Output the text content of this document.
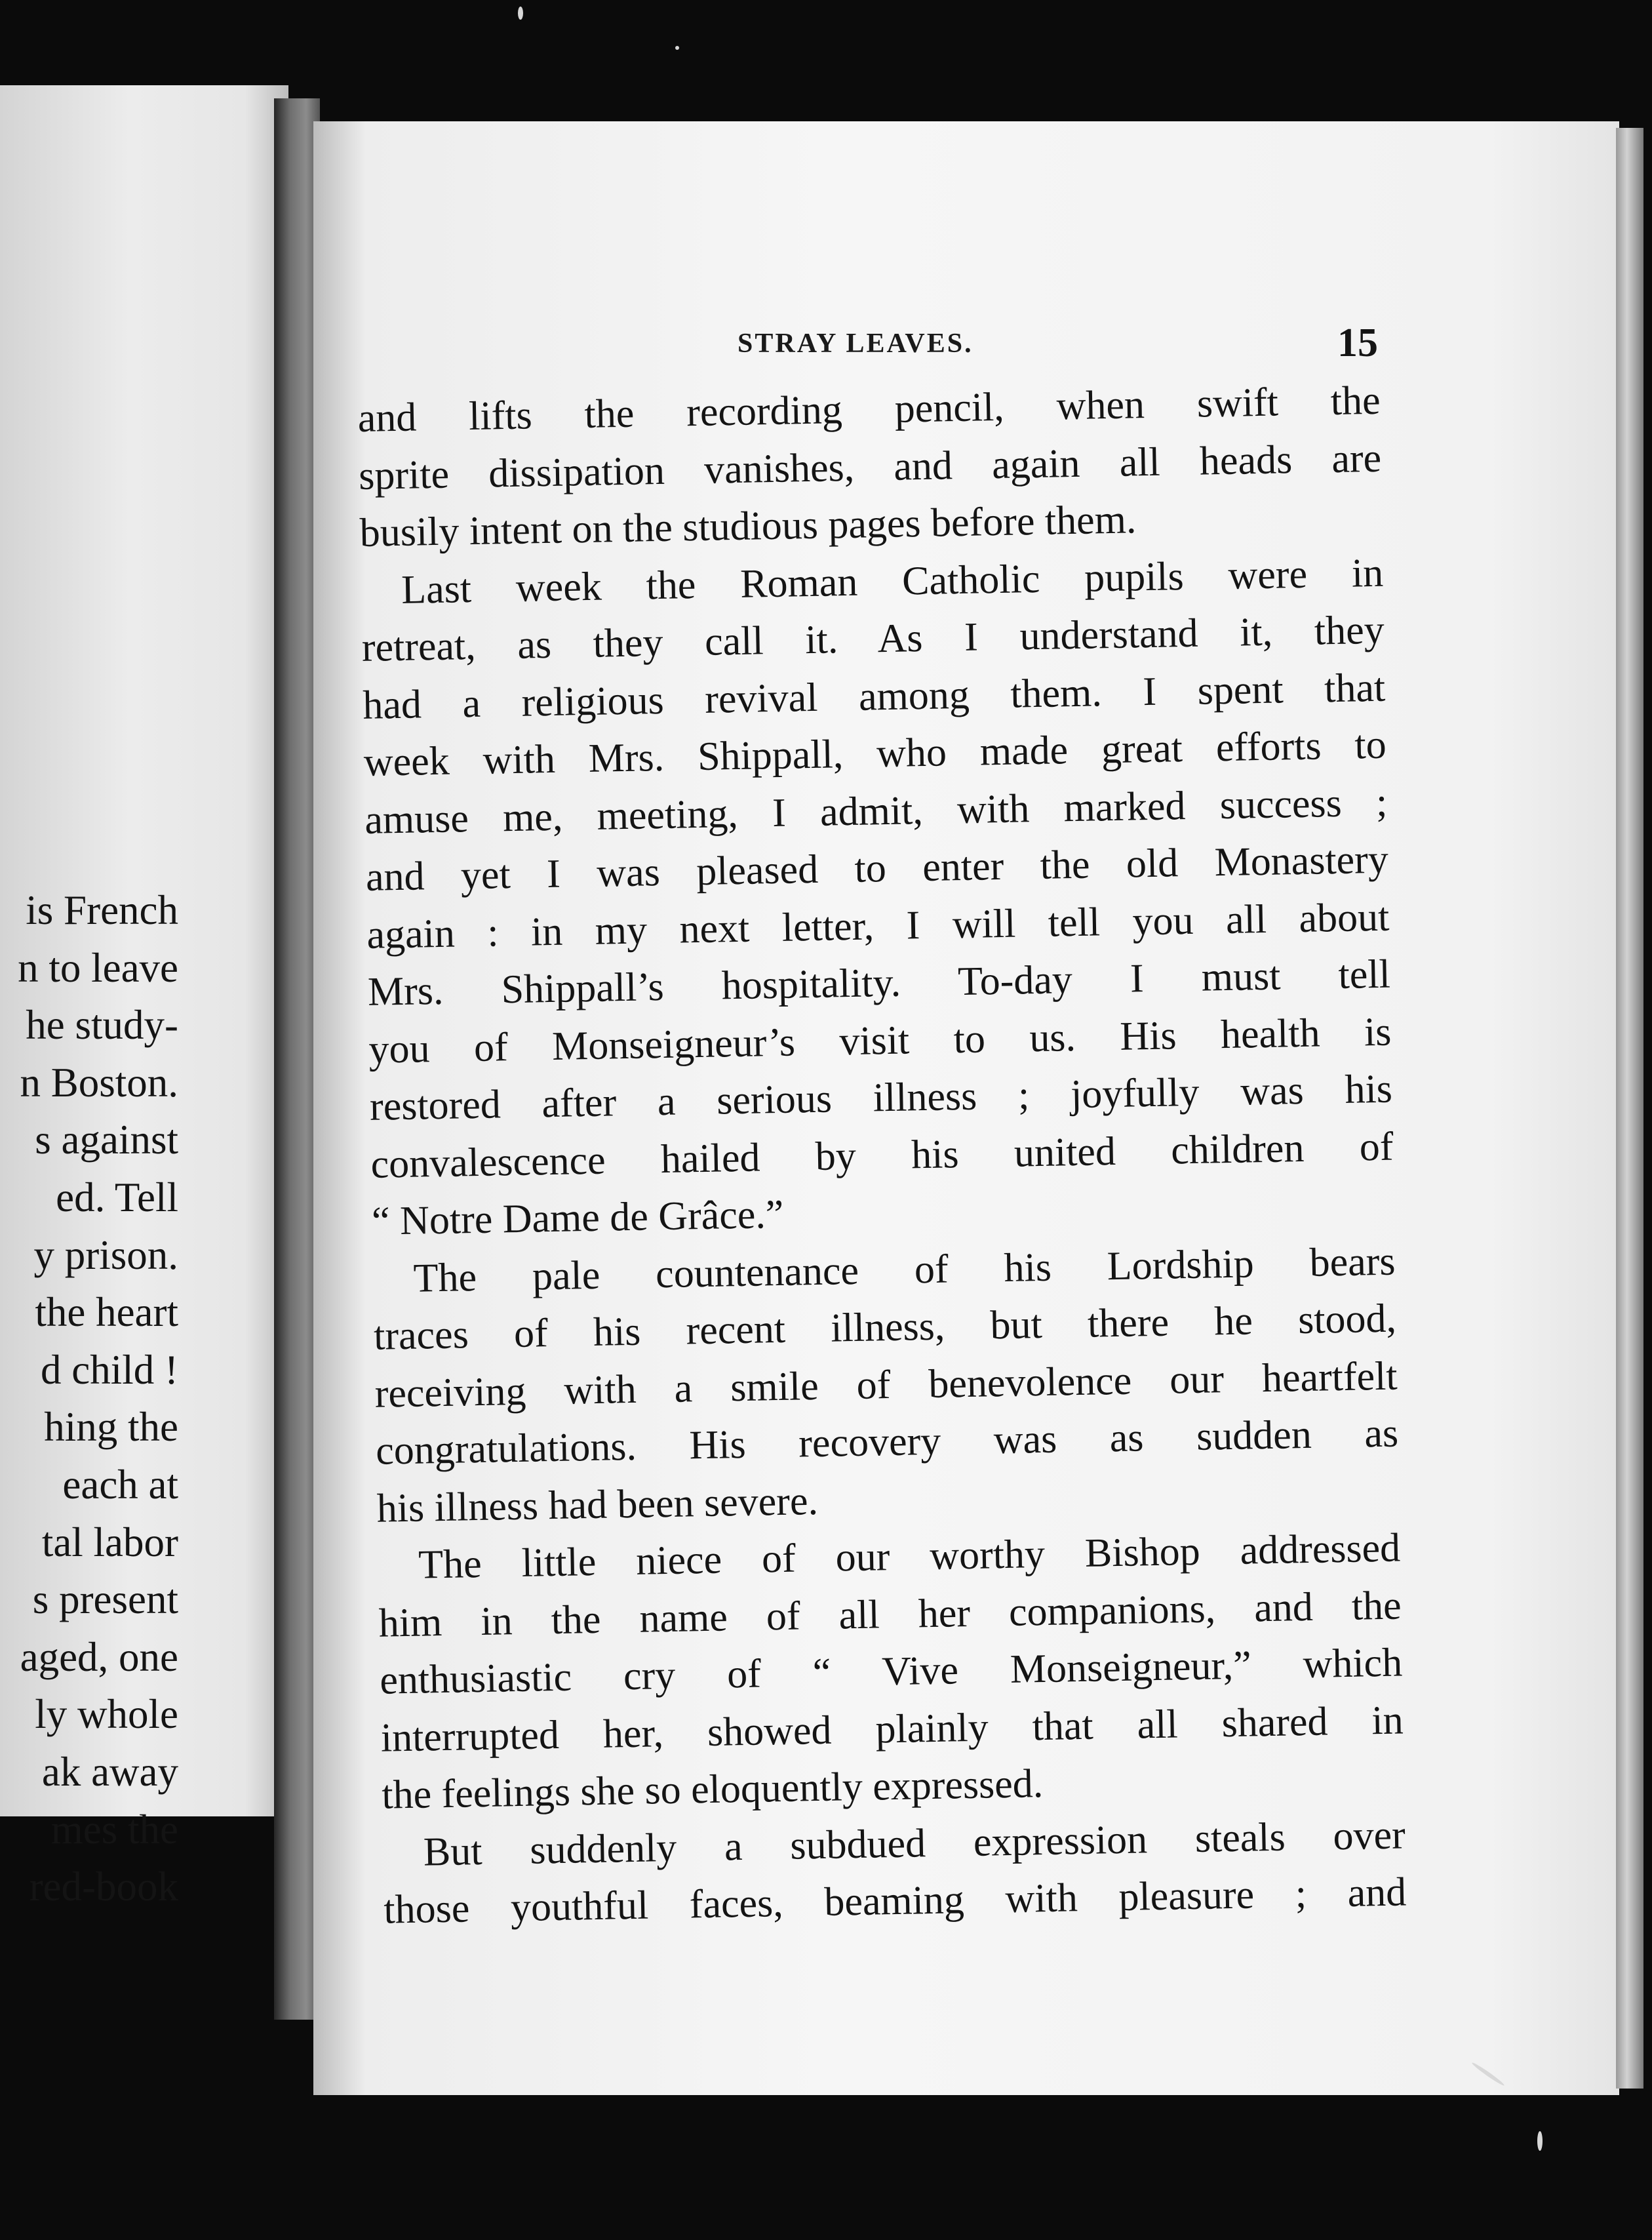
is French
n to leave
he study-
n Boston.
s against
ed. Tell
y prison.
the heart
d child !
hing the
each at
tal labor
s present
aged, one
ly whole
ak away
mes the
red-book
STRAY LEAVES.	15
and lifts the recording pencil, when swift the
sprite dissipation vanishes, and again all heads are
busily intent on the studious pages before them.
Last week the Roman Catholic pupils were in
retreat, as they call it. As I understand it, they
had a religious revival among them. I spent that
week with Mrs. Shippall, who made great efforts to
amuse me, meeting, I admit, with marked success ;
and yet I was pleased to enter the old Monastery
again : in my next letter, I will tell you all about
Mrs. Shippall’s hospitality. To-day I must tell
you of Monseigneur’s visit to us. His health is
restored after a serious illness ; joyfully was his
convalescence hailed by his united children of
“ Notre Dame de Grâce.”
The pale countenance of his Lordship bears
traces of his recent illness, but there he stood,
receiving with a smile of benevolence our heartfelt
congratulations. His recovery was as sudden as
his illness had been severe.
The little niece of our worthy Bishop addressed
him in the name of all her companions, and the
enthusiastic cry of “ Vive Monseigneur,” which
interrupted her, showed plainly that all shared in
the feelings she so eloquently expressed.
But suddenly a subdued expression steals over
those youthful faces, beaming with pleasure ; and
